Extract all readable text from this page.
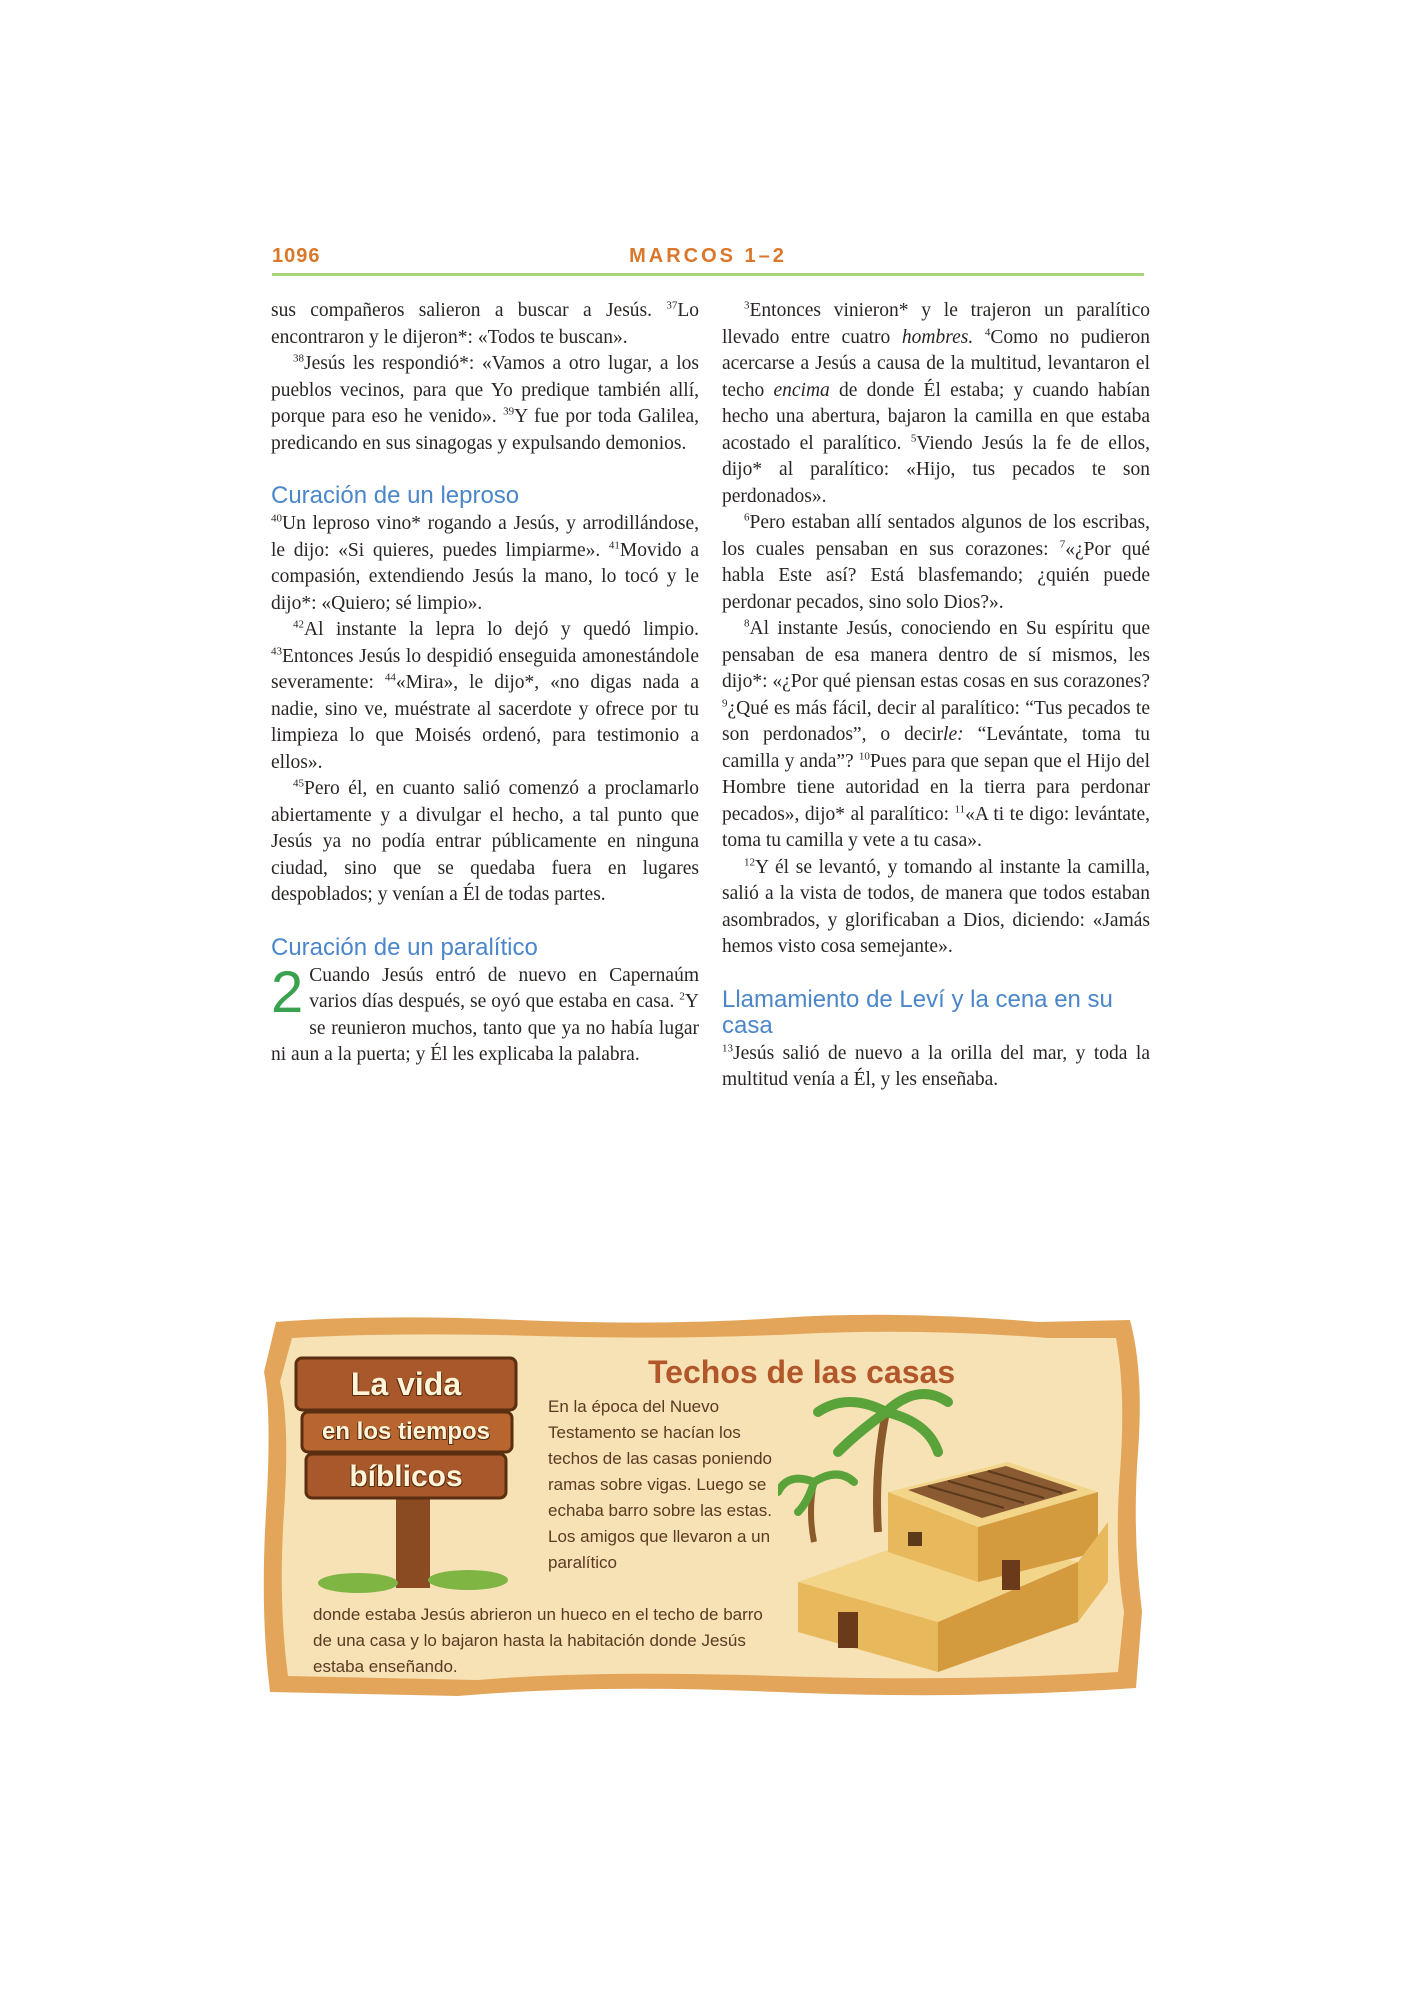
1096	MARCOS 1–2

sus compañeros salieron a buscar a Jesús. $^{37}$Lo encontraron y le dijeron*: «Todos te buscan».

$^{38}$Jesús les respondió*: «Vamos a otro lugar, a los pueblos vecinos, para que Yo predique también allí, porque para eso he venido». $^{39}$Y fue por toda Galilea, predicando en sus sinagogas y expulsando demonios.

Curación de un leproso

$^{40}$Un leproso vino* rogando a Jesús, y arrodillándose, le dijo: «Si quieres, puedes limpiarme». $^{41}$Movido a compasión, extendiendo Jesús la mano, lo tocó y le dijo*: «Quiero; sé limpio».

$^{42}$Al instante la lepra lo dejó y quedó limpio. $^{43}$Entonces Jesús lo despidió enseguida amonestándole severamente: $^{44}$«Mira», le dijo*, «no digas nada a nadie, sino ve, muéstrate al sacerdote y ofrece por tu limpieza lo que Moisés ordenó, para testimonio a ellos».

$^{45}$Pero él, en cuanto salió comenzó a proclamarlo abiertamente y a divulgar el hecho, a tal punto que Jesús ya no podía entrar públicamente en ninguna ciudad, sino que se quedaba fuera en lugares despoblados; y venían a Él de todas partes.

Curación de un paralítico

2 Cuando Jesús entró de nuevo en Capernaúm varios días después, se oyó que estaba en casa. $^2$Y se reunieron muchos, tanto que ya no había lugar ni aun a la puerta; y Él les explicaba la palabra.

$^3$Entonces vinieron* y le trajeron un paralítico llevado entre cuatro hombres. $^4$Como no pudieron acercarse a Jesús a causa de la multitud, levantaron el techo encima de donde Él estaba; y cuando habían hecho una abertura, bajaron la camilla en que estaba acostado el paralítico. $^5$Viendo Jesús la fe de ellos, dijo* al paralítico: «Hijo, tus pecados te son perdonados».

$^6$Pero estaban allí sentados algunos de los escribas, los cuales pensaban en sus corazones: $^7$«¿Por qué habla Este así? Está blasfemando; ¿quién puede perdonar pecados, sino solo Dios?».

$^8$Al instante Jesús, conociendo en Su espíritu que pensaban de esa manera dentro de sí mismos, les dijo*: «¿Por qué piensan estas cosas en sus corazones? $^9$¿Qué es más fácil, decir al paralítico: “Tus pecados te son perdonados”, o decirle: “Levántate, toma tu camilla y anda”? $^{10}$Pues para que sepan que el Hijo del Hombre tiene autoridad en la tierra para perdonar pecados», dijo* al paralítico: $^{11}$«A ti te digo: levántate, toma tu camilla y vete a tu casa».

$^{12}$Y él se levantó, y tomando al instante la camilla, salió a la vista de todos, de manera que todos estaban asombrados, y glorificaban a Dios, diciendo: «Jamás hemos visto cosa semejante».

Llamamiento de Leví y la cena en su casa

$^{13}$Jesús salió de nuevo a la orilla del mar, y toda la multitud venía a Él, y les enseñaba.

La vida
en los tiempos
bíblicos
Techos de las casas
En la época del Nuevo Testamento se hacían los techos de las casas poniendo ramas sobre vigas. Luego se echaba barro sobre las estas. Los amigos que llevaron a un paralítico
donde estaba Jesús abrieron un hueco en el techo de barro de una casa y lo bajaron hasta la habitación donde Jesús estaba enseñando.
